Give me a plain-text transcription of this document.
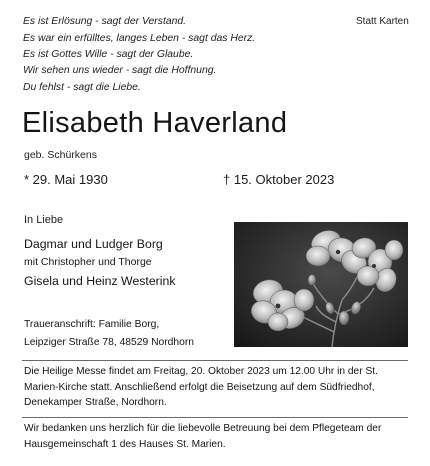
Es ist Erlösung - sagt der Verstand.
Es war ein erfülltes, langes Leben - sagt das Herz.
Es ist Gottes Wille - sagt der Glaube.
Wir sehen uns wieder - sagt die Hoffnung.
Du fehlst - sagt die Liebe.
Statt Karten
Elisabeth Haverland
geb. Schürkens
* 29. Mai 1930	† 15. Oktober 2023
In Liebe
Dagmar und Ludger Borg
mit Christopher und Thorge
Gisela und Heinz Westerink
Traueranschrift: Familie Borg,
Leipziger Straße 78, 48529 Nordhorn
Die Heilige Messe findet am Freitag, 20. Oktober 2023 um 12.00 Uhr in der St.
Marien-Kirche statt. Anschließend erfolgt die Beisetzung auf dem Südfriedhof,
Denekamper Straße, Nordhorn.
Wir bedanken uns herzlich für die liebevolle Betreuung bei dem Pflegeteam der
Hausgemeinschaft 1 des Hauses St. Marien.
